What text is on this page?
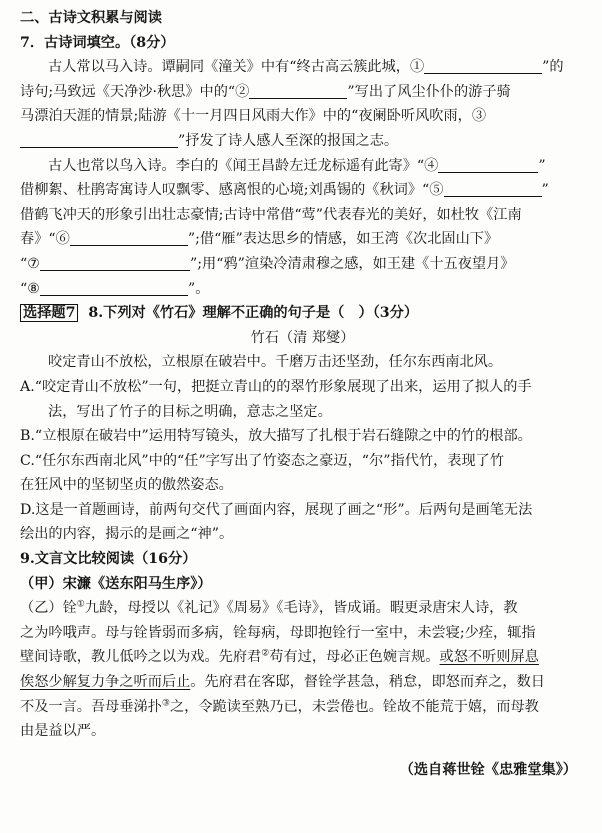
二、古诗文积累与阅读
7．古诗词填空。（8分）
古人常以马入诗。谭嗣同《潼关》中有“终古高云簇此城，①	”的
诗句;马致远《天净沙·秋思》中的“②	”写出了风尘仆仆的游子骑
马漂泊天涯的情景;陆游《十一月四日风雨大作》中的“夜阑卧听风吹雨，③
”抒发了诗人感人至深的报国之志。
古人也常以鸟入诗。李白的《闻王昌龄左迁龙标遥有此寄》“④	”
借柳絮、杜鹃寄寓诗人叹飘零、感离恨的心境;刘禹锡的《秋词》“⑤	”
借鹤飞冲天的形象引出壮志豪情;古诗中常借“莺”代表春光的美好，如杜牧《江南
春》“⑥	”;借“雁”表达思乡的情感，如王湾《次北固山下》
“⑦	”;用“鸦”渲染冷清肃穆之感，如王建《十五夜望月》
“⑧	”。
选择题7 8.下列对《竹石》理解不正确的句子是（　）（3分）
竹石（清 郑燮）
咬定青山不放松，立根原在破岩中。千磨万击还坚劲，任尔东西南北风。
A.“咬定青山不放松”一句，把挺立青山的的翠竹形象展现了出来，运用了拟人的手
法，写出了竹子的目标之明确，意志之坚定。
B.“立根原在破岩中”运用特写镜头，放大描写了扎根于岩石缝隙之中的竹的根部。
C.“任尔东西南北风”中的“任”字写出了竹姿态之豪迈，“尔”指代竹，表现了竹
在狂风中的坚韧坚贞的傲然姿态。
D.这是一首题画诗，前两句交代了画面内容，展现了画之“形”。后两句是画笔无法
绘出的内容，揭示的是画之“神”。
9.文言文比较阅读（16分）
（甲）宋濂《送东阳马生序》）
（乙）铨①九龄，母授以《礼记》《周易》《毛诗》，皆成诵。暇更录唐宋人诗，教
之为吟哦声。母与铨皆弱而多病，铨每病，母即抱铨行一室中，未尝寝;少痊，辄指
壁间诗歌，教儿低吟之以为戏。先府君②苟有过，母必正色婉言规。或怒不听则屏息
俟怒少解复力争之听而后止。先府君在客邸，督铨学甚急，稍怠，即怒而弃之，数日
不及一言。吾母垂涕扑③之，令跪读至熟乃已，未尝倦也。铨故不能荒于嬉，而母教
由是益以严。
（选自蒋世铨《忠雅堂集》）
